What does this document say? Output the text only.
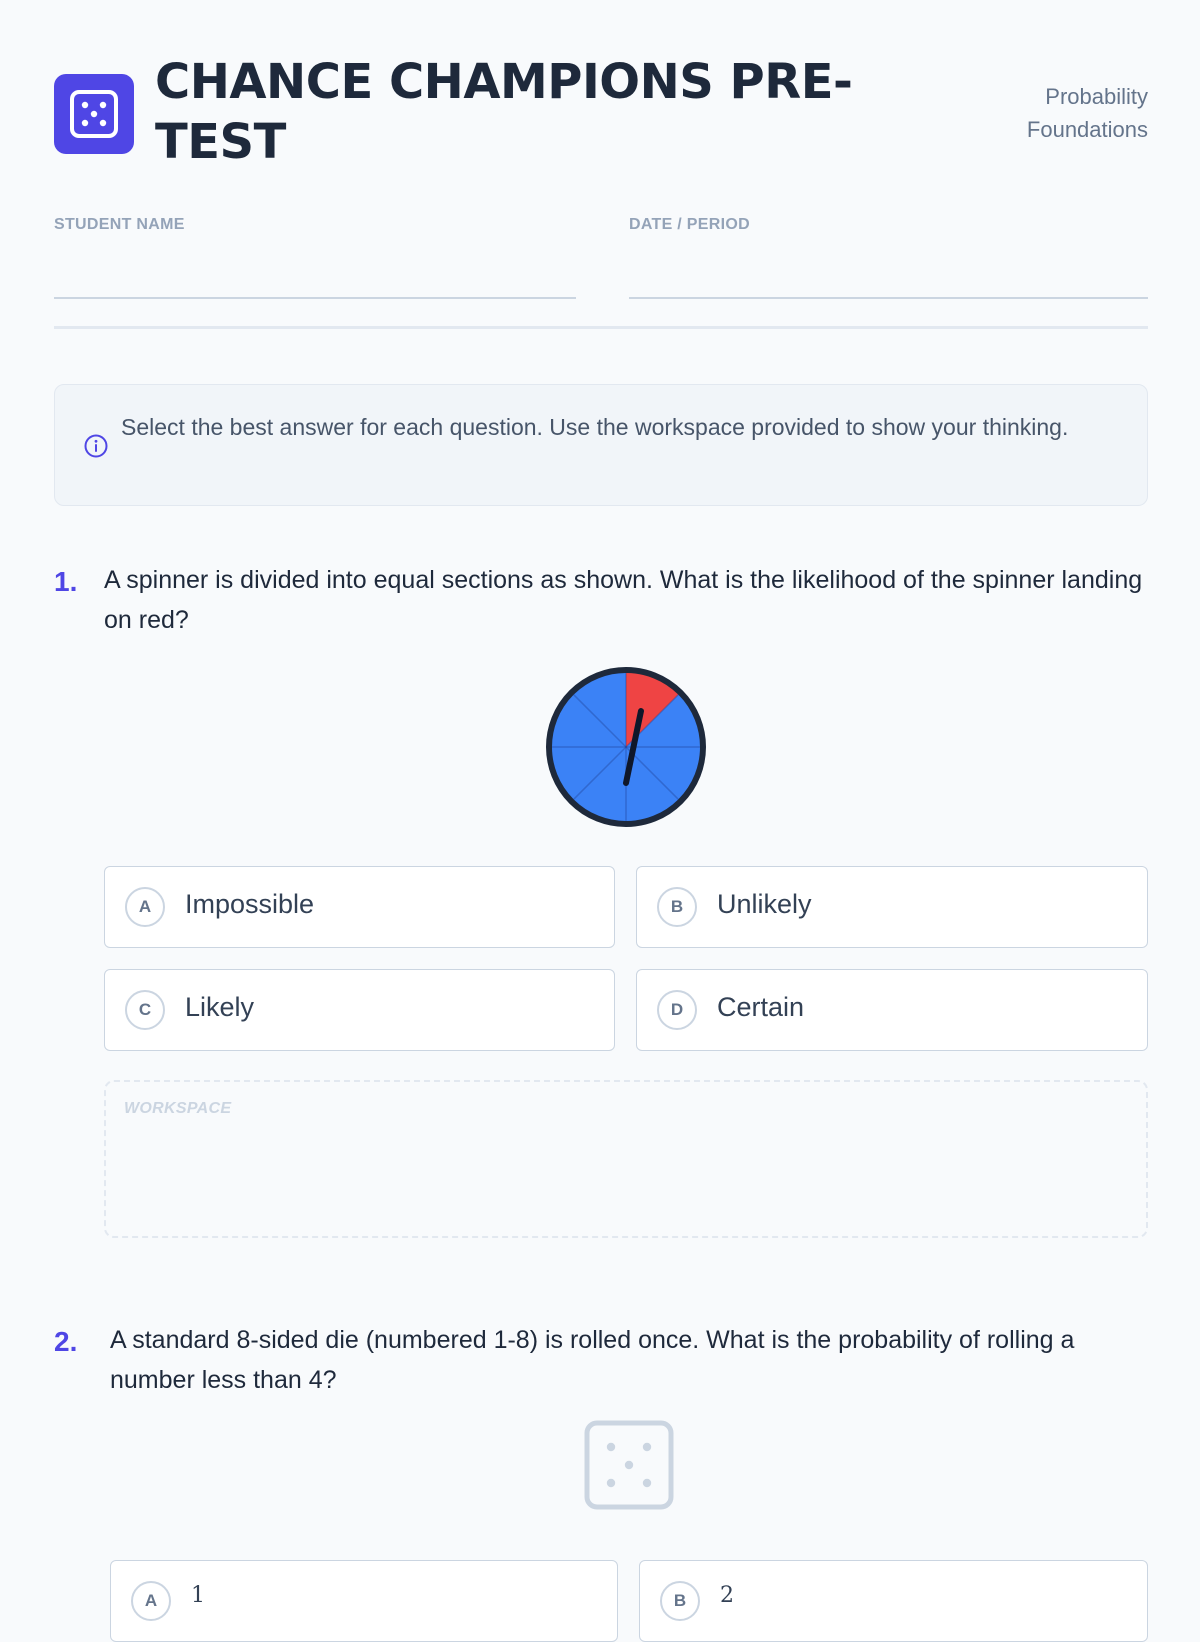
CHANCE CHAMPIONS PRE-TEST
Probability Foundations
STUDENT NAME	DATE / PERIOD
Select the best answer for each question. Use the workspace provided to show your thinking.
1. A spinner is divided into equal sections as shown. What is the likelihood of the spinner landing on red?
A	Impossible	B	Unlikely
C	Likely	D	Certain
WORKSPACE
2. A standard 8-sided die (numbered 1-8) is rolled once. What is the probability of rolling a number less than 4?
A	1	B	2
